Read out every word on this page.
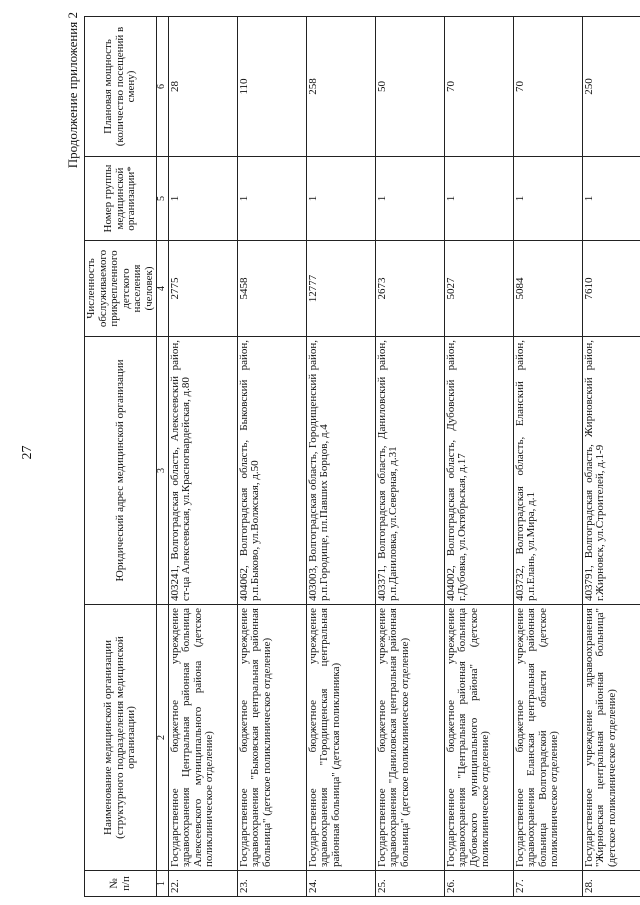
27
Продолжение приложения 2
№ п/п	Наименование медицинской организации (структурного подразделения медицинской организации)	Юридический адрес медицинской организации	Численность обслуживаемого прикрепленного детского населения (человек)	Номер группы медицинской организации*	Плановая мощность (количество посещений в смену)
1	2	3	4	5	6
22.	Государственное бюджетное учреждение здравоохранения Центральная районная больница Алексеевского муниципального района (детское поликлиническое отделение)	403241, Волгоградская область, Алексеевский район, ст-ца Алексеевская, ул.Красногвардейская, д.80	2775	1	28
23.	Государственное бюджетное учреждение здравоохранения "Быковская центральная районная больница" (детское поликлиническое отделение)	404062, Волгоградская область, Быковский район, р.п.Быково, ул.Волжская, д.50	5458	1	110
24.	Государственное бюджетное учреждение здравоохранения "Городищенская центральная районная больница" (детская поликлиника)	403003, Волгоградская область, Городищенский район, р.п.Городище, пл.Павших Борцов, д.4	12777	1	258
25.	Государственное бюджетное учреждение здравоохранения "Даниловская центральная районная больница" (детское поликлиническое отделение)	403371, Волгоградская область, Даниловский район, р.п.Даниловка, ул.Северная, д.31	2673	1	50
26.	Государственное бюджетное учреждение здравоохранения "Центральная районная больница Дубовского муниципального района" (детское поликлиническое отделение)	404002, Волгоградская область, Дубовский район, г.Дубовка, ул.Октябрьская, д.17	5027	1	70
27.	Государственное бюджетное учреждение здравоохранения Еланская центральная районная больница Волгоградской области (детское поликлиническое отделение)	403732, Волгоградская область, Еланский район, р.п.Елань, ул.Мира, д.1	5084	1	70
28.	Государственное учреждение здравоохранения "Жирновская центральная районная больница" (детское поликлиническое отделение)	403791, Волгоградская область, Жирновский район, г.Жирновск, ул.Строителей, д.1-9	7610	1	250
